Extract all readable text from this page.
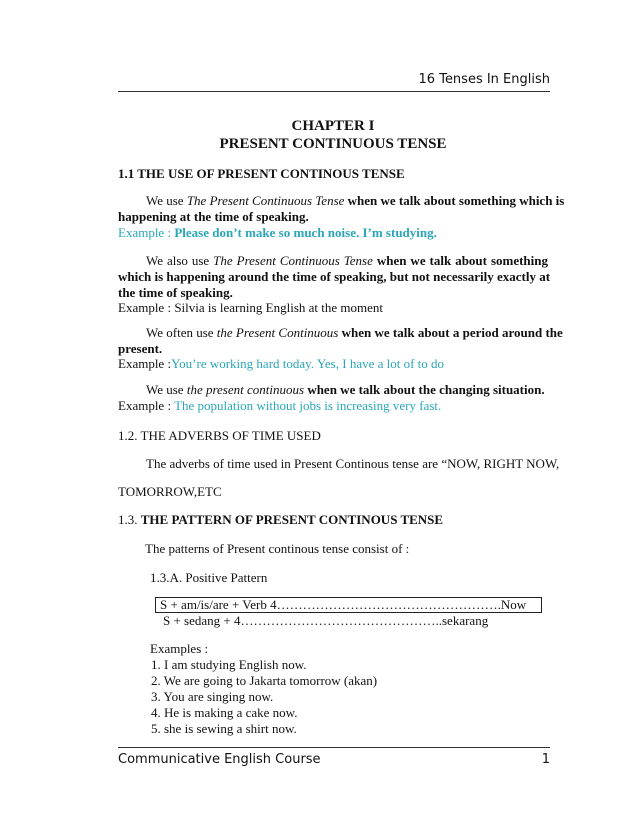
16 Tenses In English
CHAPTER I
PRESENT CONTINUOUS TENSE
1.1 THE USE OF PRESENT CONTINOUS TENSE
We use The Present Continuous Tense when we talk about something which is
happening at the time of speaking.
Example : Please don’t make so much noise. I’m studying.
We also use The Present Continuous Tense when we talk about something
which is happening around the time of speaking, but not necessarily exactly at
the time of speaking.
Example : Silvia is learning English at the moment
We often use the Present Continuous when we talk about a period around the
present.
Example :You’re working hard today. Yes, I have a lot of to do
We use the present continuous when we talk about the changing situation.
Example : The population without jobs is increasing very fast.
1.2. THE ADVERBS OF TIME USED
The adverbs of time used in Present Continous tense are “NOW, RIGHT NOW,
TOMORROW,ETC
1.3. THE PATTERN OF PRESENT CONTINOUS TENSE
The patterns of Present continous tense consist of :
1.3.A. Positive Pattern
S + am/is/are + Verb 4…………………………………………….Now
S + sedang + 4………………………………………..sekarang
Examples :
1. I am studying English now.
2. We are going to Jakarta tomorrow (akan)
3. You are singing now.
4. He is making a cake now.
5. she is sewing a shirt now.
Communicative English Course	1
